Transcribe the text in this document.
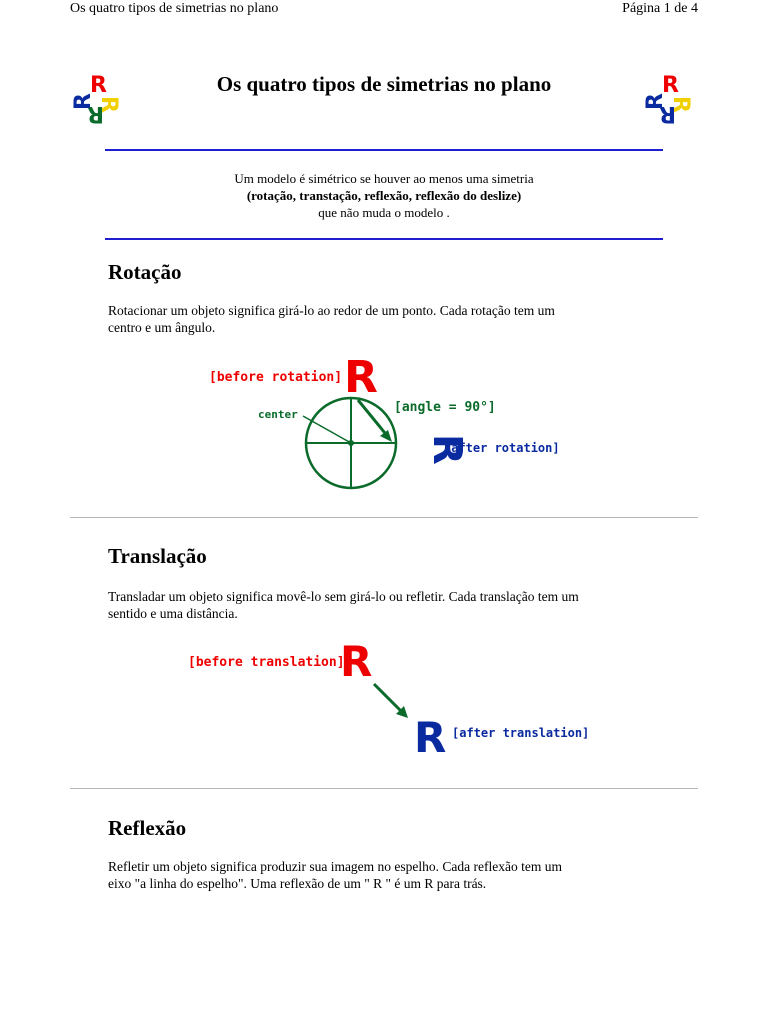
Os quatro tipos de simetrias no plano	Página 1 de 4
R
R
R
R
R
R
R
R
Os quatro tipos de simetrias no plano
Um modelo é simétrico se houver ao menos uma simetria
(rotação, transtação, reflexão, reflexão do deslize)
que não muda o modelo .
Rotação
Rotacionar um objeto significa girá-lo ao redor de um ponto. Cada rotação tem um
centro e um ângulo.
[before rotation] R
[angle = 90°]
center
R
[after rotation]
Translação
Transladar um objeto significa movê-lo sem girá-lo ou refletir. Cada translação tem um
sentido e uma distância.
[before translation]
R
R [after translation]
Reflexão
Refletir um objeto significa produzir sua imagem no espelho. Cada reflexão tem um
eixo "a linha do espelho". Uma reflexão de um " R " é um R para trás.
